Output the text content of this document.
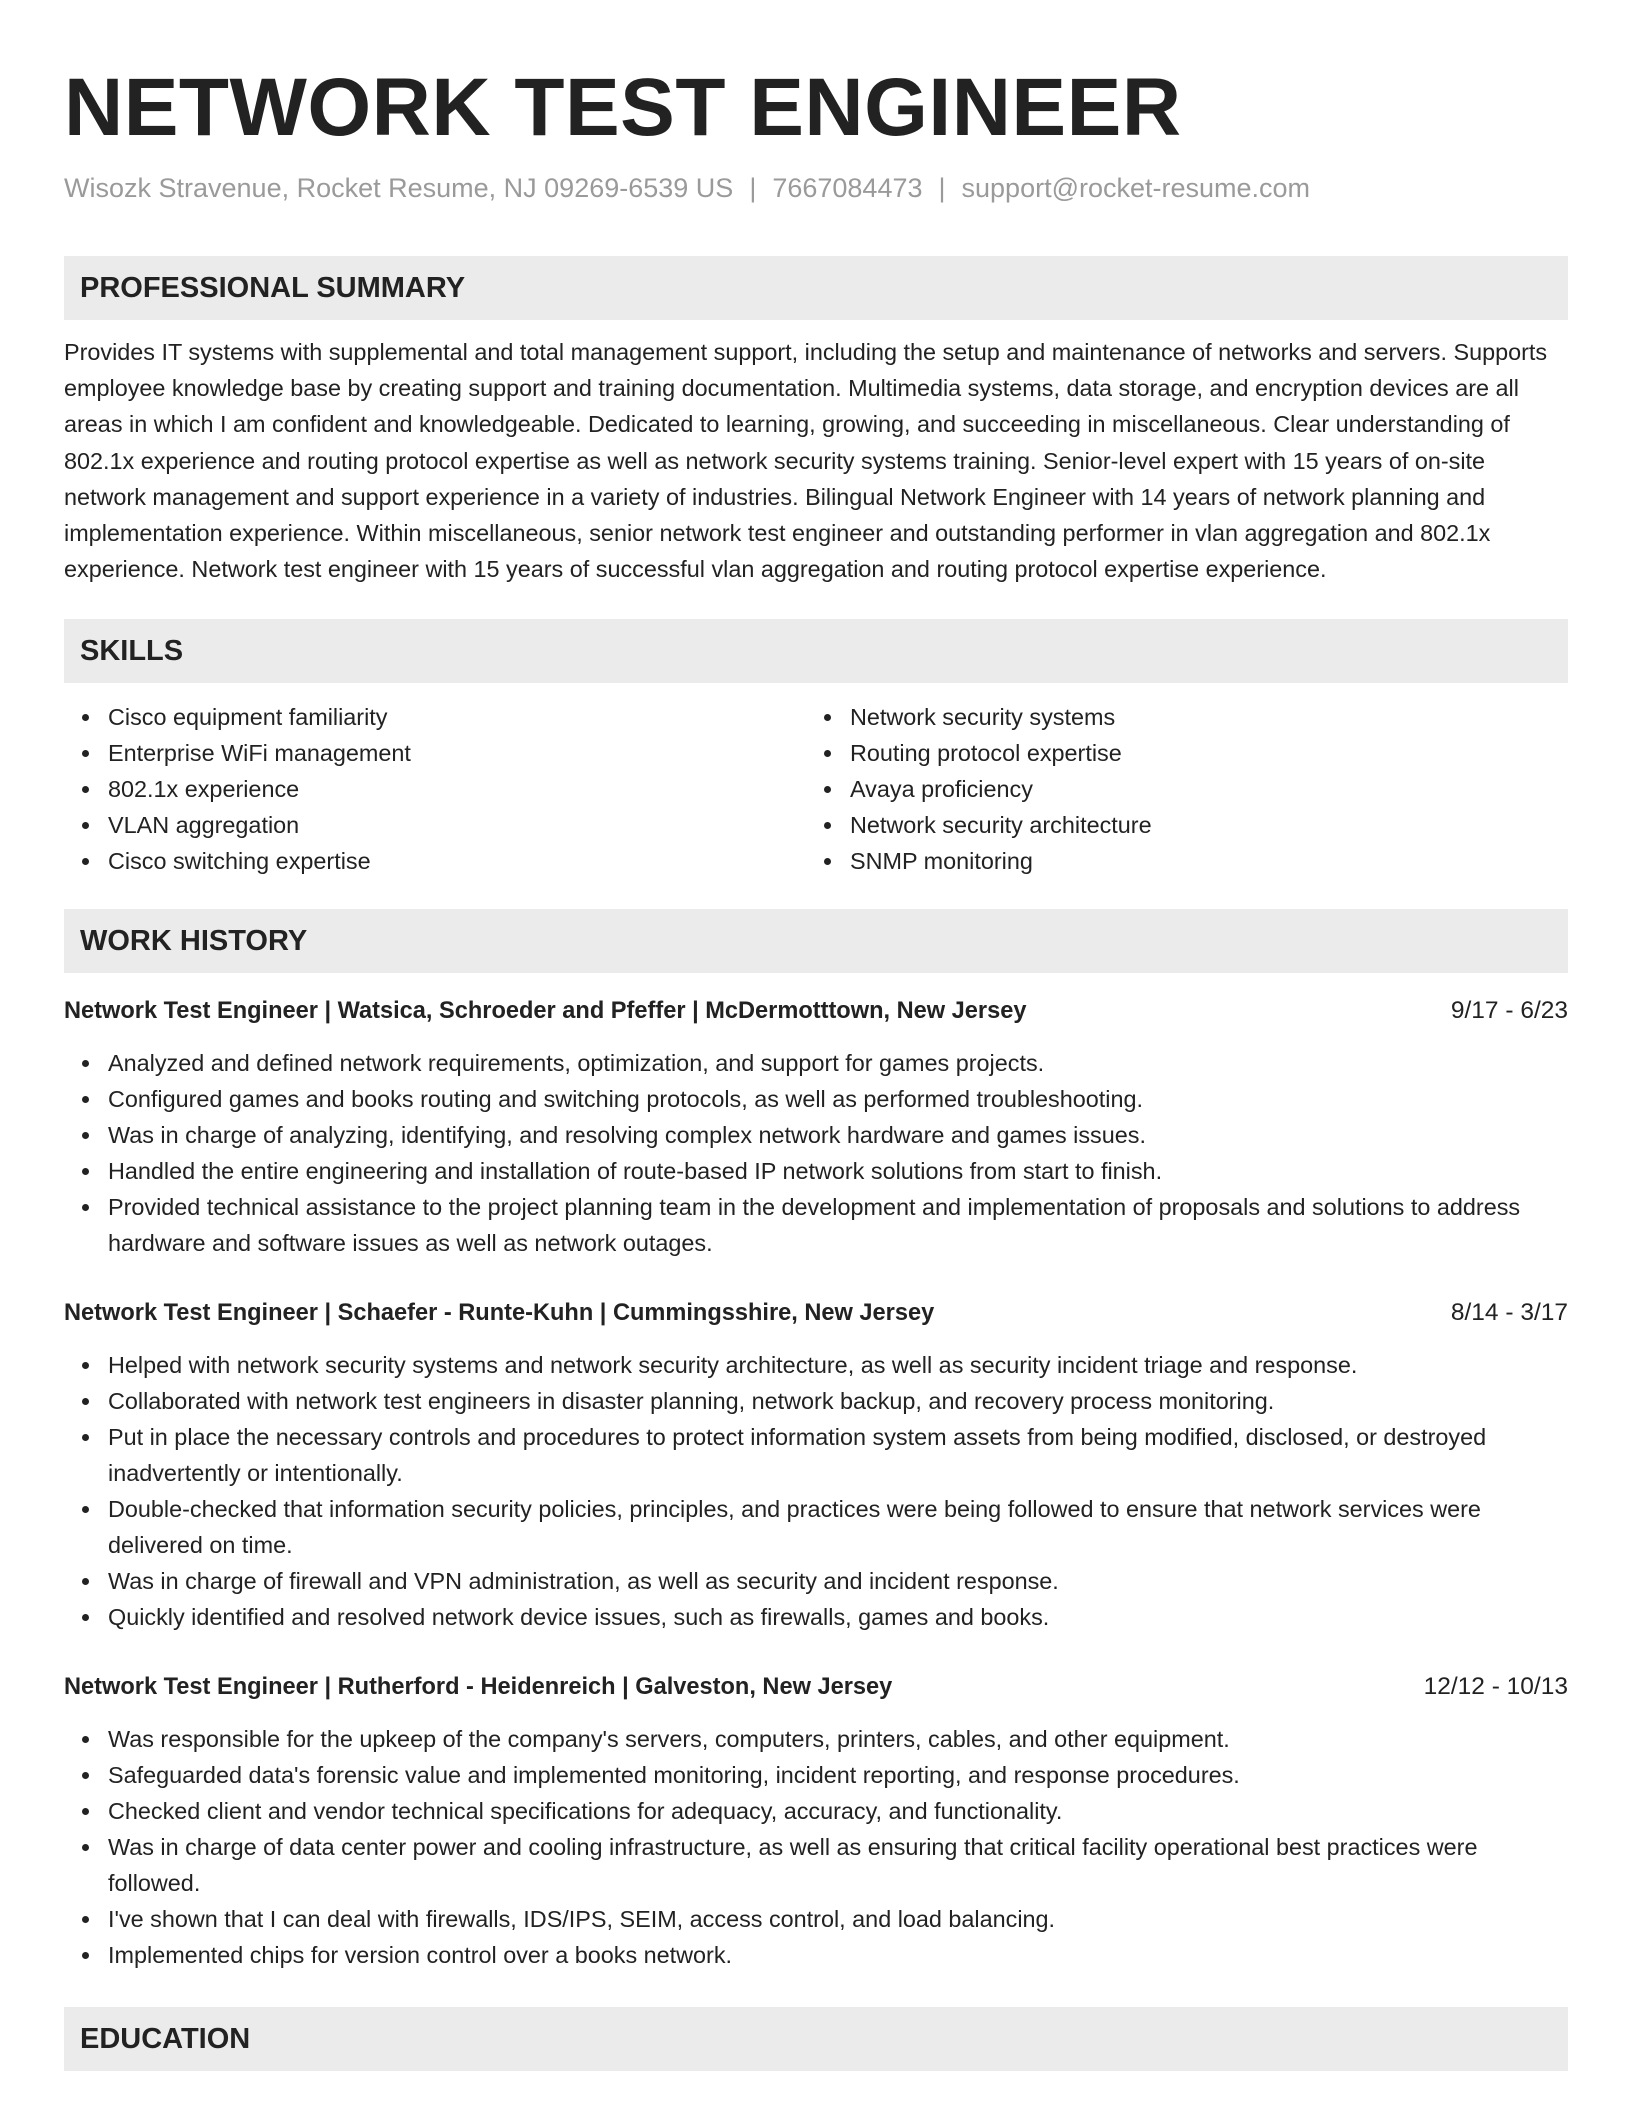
NETWORK TEST ENGINEER
Wisozk Stravenue, Rocket Resume, NJ 09269-6539 US | 7667084473 | support@rocket-resume.com
PROFESSIONAL SUMMARY

Provides IT systems with supplemental and total management support, including the setup and maintenance of networks and servers. Supports employee knowledge base by creating support and training documentation. Multimedia systems, data storage, and encryption devices are all areas in which I am confident and knowledgeable. Dedicated to learning, growing, and succeeding in miscellaneous. Clear understanding of 802.1x experience and routing protocol expertise as well as network security systems training. Senior-level expert with 15 years of on-site network management and support experience in a variety of industries. Bilingual Network Engineer with 14 years of network planning and implementation experience. Within miscellaneous, senior network test engineer and outstanding performer in vlan aggregation and 802.1x experience. Network test engineer with 15 years of successful vlan aggregation and routing protocol expertise experience.

SKILLS
Cisco equipment familiarity
Enterprise WiFi management
802.1x experience
VLAN aggregation
Cisco switching expertise
Network security systems
Routing protocol expertise
Avaya proficiency
Network security architecture
SNMP monitoring
WORK HISTORY
Network Test Engineer | Watsica, Schroeder and Pfeffer | McDermotttown, New Jersey	9/17 - 6/23
Analyzed and defined network requirements, optimization, and support for games projects.
Configured games and books routing and switching protocols, as well as performed troubleshooting.
Was in charge of analyzing, identifying, and resolving complex network hardware and games issues.
Handled the entire engineering and installation of route-based IP network solutions from start to finish.
Provided technical assistance to the project planning team in the development and implementation of proposals and solutions to address hardware and software issues as well as network outages.
Network Test Engineer | Schaefer - Runte-Kuhn | Cummingsshire, New Jersey	8/14 - 3/17
Helped with network security systems and network security architecture, as well as security incident triage and response.
Collaborated with network test engineers in disaster planning, network backup, and recovery process monitoring.
Put in place the necessary controls and procedures to protect information system assets from being modified, disclosed, or destroyed inadvertently or intentionally.
Double-checked that information security policies, principles, and practices were being followed to ensure that network services were delivered on time.
Was in charge of firewall and VPN administration, as well as security and incident response.
Quickly identified and resolved network device issues, such as firewalls, games and books.
Network Test Engineer | Rutherford - Heidenreich | Galveston, New Jersey	12/12 - 10/13
Was responsible for the upkeep of the company's servers, computers, printers, cables, and other equipment.
Safeguarded data's forensic value and implemented monitoring, incident reporting, and response procedures.
Checked client and vendor technical specifications for adequacy, accuracy, and functionality.
Was in charge of data center power and cooling infrastructure, as well as ensuring that critical facility operational best practices were followed.
I've shown that I can deal with firewalls, IDS/IPS, SEIM, access control, and load balancing.
Implemented chips for version control over a books network.
EDUCATION
